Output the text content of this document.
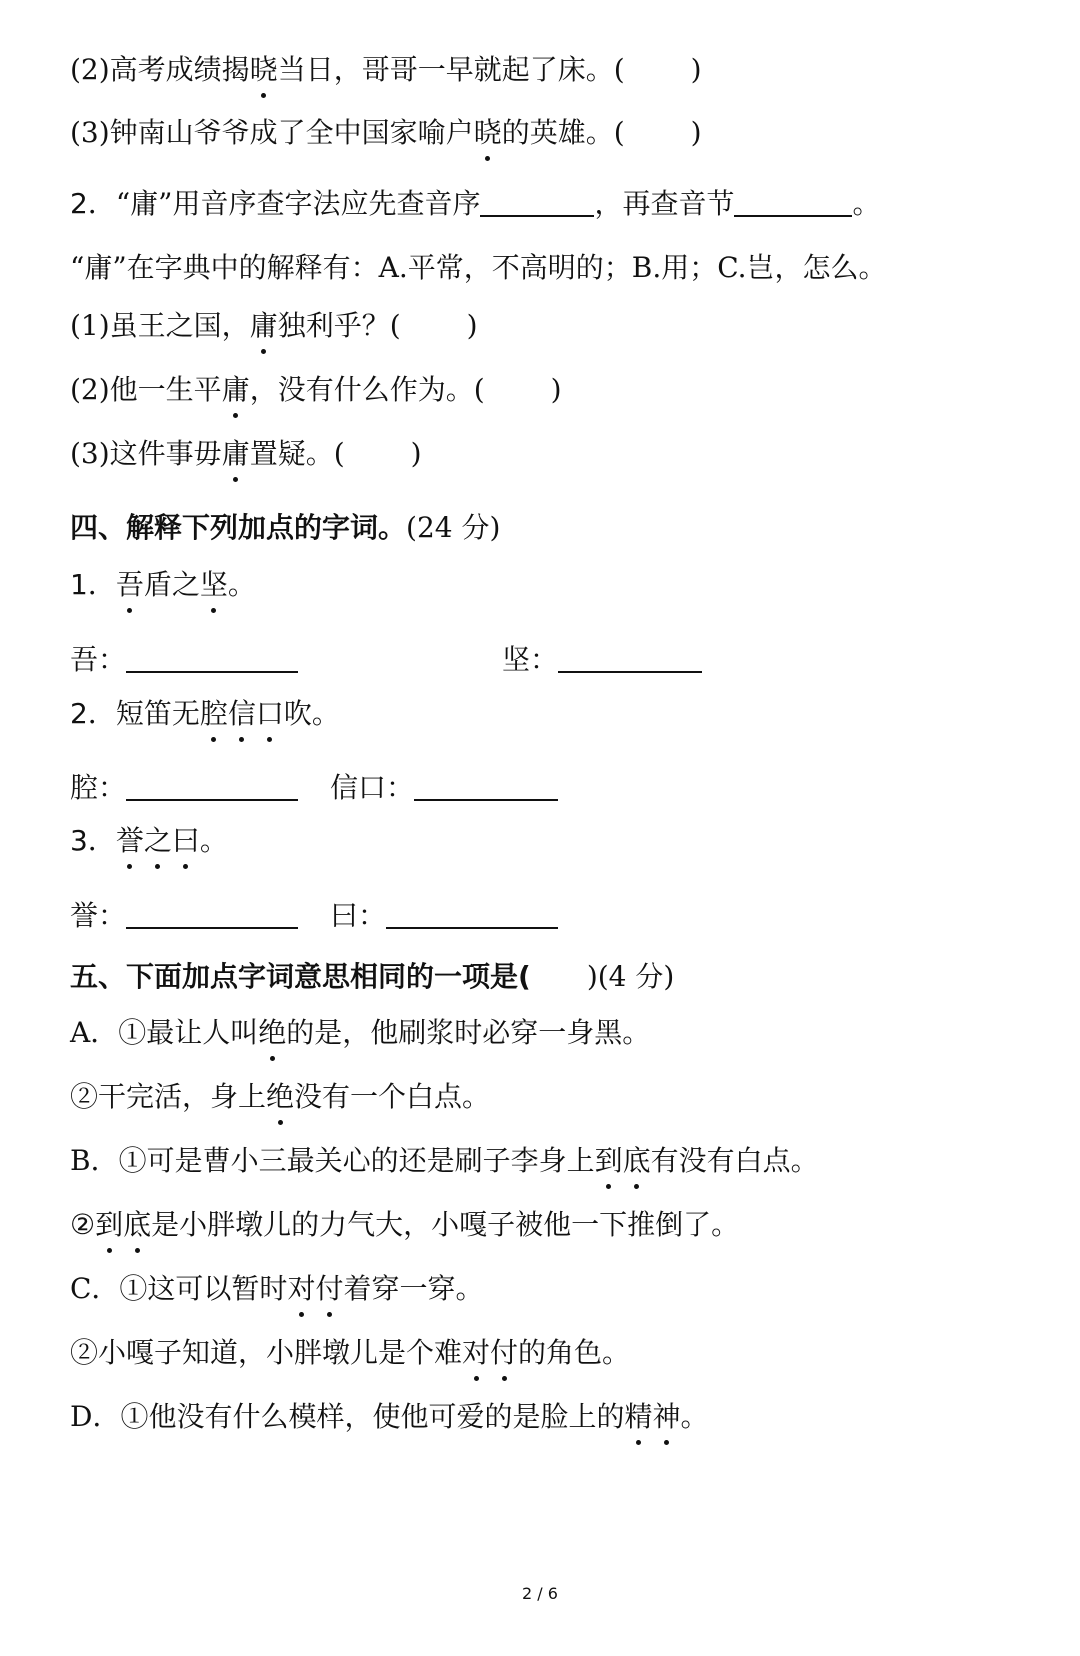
(2)高考成绩揭晓当日，哥哥一早就起了床。( )
(3)钟南山爷爷成了全中国家喻户晓的英雄。( )
2．“庸”用音序查字法应先查音序	，再查音节	。
“庸”在字典中的解释有：A.平常，不高明的；B.用；C.岂，怎么。
(1)虽王之国，庸独利乎？( )
(2)他一生平庸，没有什么作为。( )
(3)这件事毋庸置疑。( )
四、解释下列加点的字词。(24 分)
1．吾盾之坚。
吾：	坚：
2．短笛无腔信口吹。
腔：	信口：
3．誉之曰。
誉：	曰：
五、下面加点字词意思相同的一项是( )(4 分)
A．①最让人叫绝的是，他刷浆时必穿一身黑。
②干完活，身上绝没有一个白点。
B．①可是曹小三最关心的还是刷子李身上到底有没有白点。
②到底是小胖墩儿的力气大，小嘎子被他一下推倒了。
C．①这可以暂时对付着穿一穿。
②小嘎子知道，小胖墩儿是个难对付的角色。
D．①他没有什么模样，使他可爱的是脸上的精神。
2 / 6
